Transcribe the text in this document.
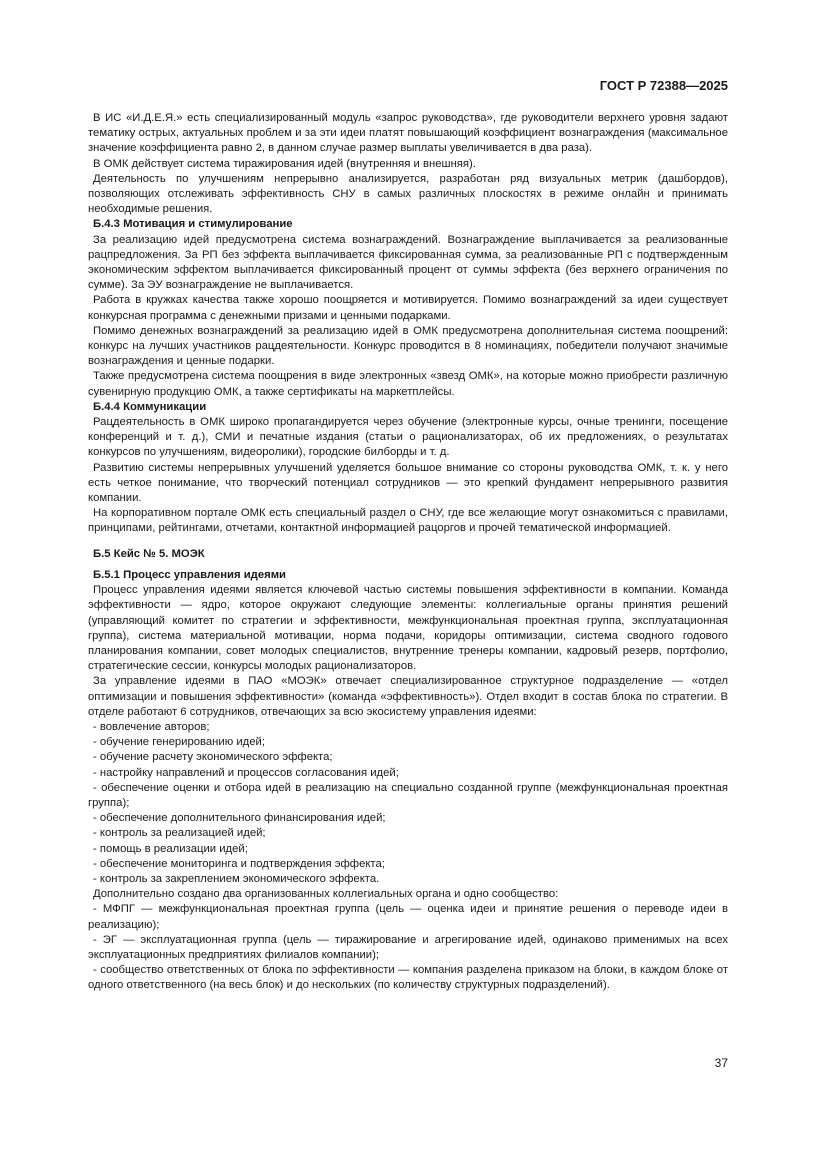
ГОСТ Р 72388—2025

В ИС «И.Д.Е.Я.» есть специализированный модуль «запрос руководства», где руководители верхнего уровня задают тематику острых, актуальных проблем и за эти идеи платят повышающий коэффициент вознаграждения (максимальное значение коэффициента равно 2, в данном случае размер выплаты увеличивается в два раза).

В ОМК действует система тиражирования идей (внутренняя и внешняя).

Деятельность по улучшениям непрерывно анализируется, разработан ряд визуальных метрик (дашбордов), позволяющих отслеживать эффективность СНУ в самых различных плоскостях в режиме онлайн и принимать необходимые решения.

Б.4.3 Мотивация и стимулирование

За реализацию идей предусмотрена система вознаграждений. Вознаграждение выплачивается за реализованные рацпредложения. За РП без эффекта выплачивается фиксированная сумма, за реализованные РП с подтвержденным экономическим эффектом выплачивается фиксированный процент от суммы эффекта (без верхнего ограничения по сумме). За ЭУ вознаграждение не выплачивается.

Работа в кружках качества также хорошо поощряется и мотивируется. Помимо вознаграждений за идеи существует конкурсная программа с денежными призами и ценными подарками.

Помимо денежных вознаграждений за реализацию идей в ОМК предусмотрена дополнительная система поощрений: конкурс на лучших участников рацдеятельности. Конкурс проводится в 8 номинациях, победители получают значимые вознаграждения и ценные подарки.

Также предусмотрена система поощрения в виде электронных «звезд ОМК», на которые можно приобрести различную сувенирную продукцию ОМК, а также сертификаты на маркетплейсы.

Б.4.4 Коммуникации

Рацдеятельность в ОМК широко пропагандируется через обучение (электронные курсы, очные тренинги, посещение конференций и т. д.), СМИ и печатные издания (статьи о рационализаторах, об их предложениях, о результатах конкурсов по улучшениям, видеоролики), городские билборды и т. д.

Развитию системы непрерывных улучшений уделяется большое внимание со стороны руководства ОМК, т. к. у него есть четкое понимание, что творческий потенциал сотрудников — это крепкий фундамент непрерывного развития компании.

На корпоративном портале ОМК есть специальный раздел о СНУ, где все желающие могут ознакомиться с правилами, принципами, рейтингами, отчетами, контактной информацией рацоргов и прочей тематической информацией.

Б.5 Кейс № 5. МОЭК

Б.5.1 Процесс управления идеями

Процесс управления идеями является ключевой частью системы повышения эффективности в компании. Команда эффективности — ядро, которое окружают следующие элементы: коллегиальные органы принятия решений (управляющий комитет по стратегии и эффективности, межфункциональная проектная группа, эксплуатационная группа), система материальной мотивации, норма подачи, коридоры оптимизации, система сводного годового планирования компании, совет молодых специалистов, внутренние тренеры компании, кадровый резерв, портфолио, стратегические сессии, конкурсы молодых рационализаторов.

За управление идеями в ПАО «МОЭК» отвечает специализированное структурное подразделение — «отдел оптимизации и повышения эффективности» (команда «эффективность»). Отдел входит в состав блока по стратегии. В отделе работают 6 сотрудников, отвечающих за всю экосистему управления идеями:

- вовлечение авторов;

- обучение генерированию идей;

- обучение расчету экономического эффекта;

- настройку направлений и процессов согласования идей;

- обеспечение оценки и отбора идей в реализацию на специально созданной группе (межфункциональная проектная группа);

- обеспечение дополнительного финансирования идей;

- контроль за реализацией идей;

- помощь в реализации идей;

- обеспечение мониторинга и подтверждения эффекта;

- контроль за закреплением экономического эффекта.

Дополнительно создано два организованных коллегиальных органа и одно сообщество:

- МФПГ — межфункциональная проектная группа (цель — оценка идеи и принятие решения о переводе идеи в реализацию);

- ЭГ — эксплуатационная группа (цель — тиражирование и агрегирование идей, одинаково применимых на всех эксплуатационных предприятиях филиалов компании);

- сообщество ответственных от блока по эффективности — компания разделена приказом на блоки, в каждом блоке от одного ответственного (на весь блок) и до нескольких (по количеству структурных подразделений).

37
